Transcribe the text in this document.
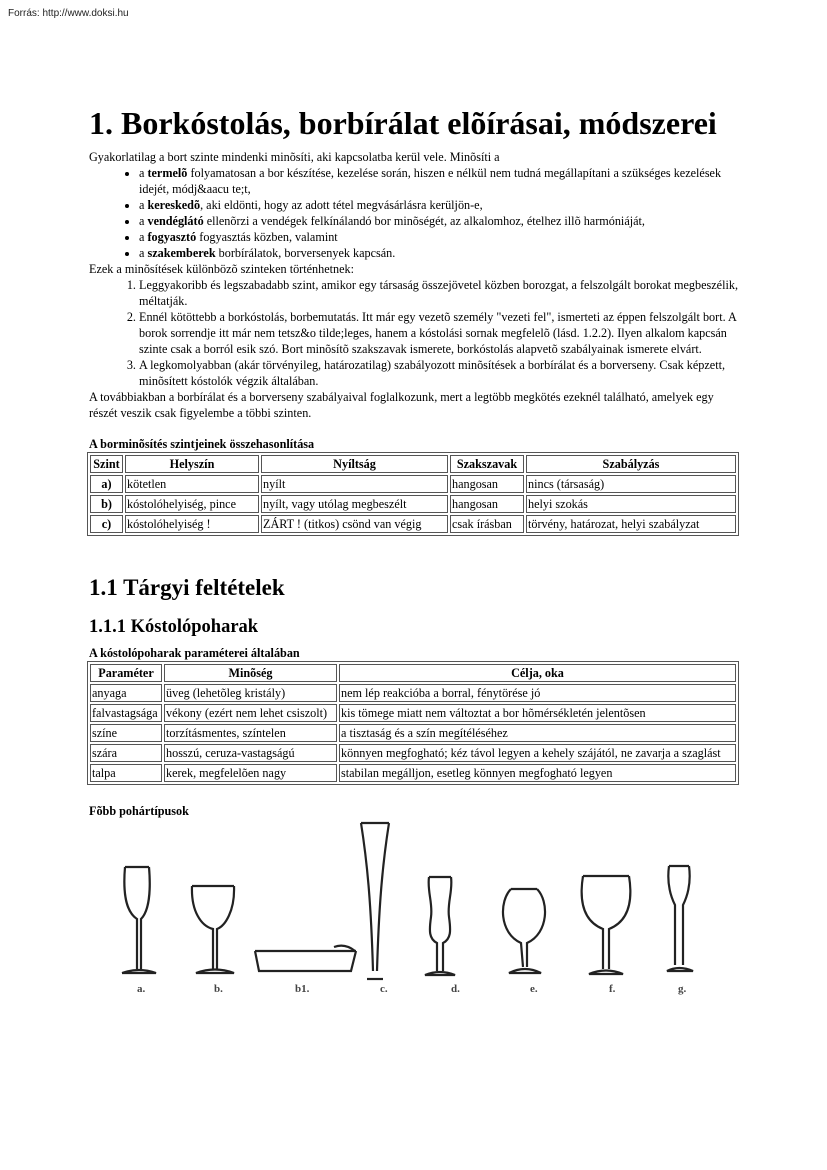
Forrás: http://www.doksi.hu
1. Borkóstolás, borbírálat elõírásai, módszerei

Gyakorlatilag a bort szinte mindenki minõsíti, aki kapcsolatba kerül vele. Minõsíti a

• a termelõ folyamatosan a bor készítése, kezelése során, hiszen e nélkül nem tudná megállapítani a szükséges kezelések idejét, módj&aacu te;t,
• a kereskedõ, aki eldönti, hogy az adott tétel megvásárlásra kerüljön-e,
• a vendéglátó ellenõrzi a vendégek felkínálandó bor minõségét, az alkalomhoz, ételhez illõ harmóniáját,
• a fogyasztó fogyasztás közben, valamint
• a szakemberek borbírálatok, borversenyek kapcsán.

Ezek a minõsítések különbözõ szinteken történhetnek:

1. Leggyakoribb és legszabadabb szint, amikor egy társaság összejövetel közben borozgat, a felszolgált borokat megbeszélik, méltatják.
2. Ennél kötöttebb a borkóstolás, borbemutatás. Itt már egy vezetõ személy "vezeti fel", ismerteti az éppen felszolgált bort. A borok sorrendje itt már nem tetsz&o tilde;leges, hanem a kóstolási sornak megfelelõ (lásd. 1.2.2). Ilyen alkalom kapcsán szinte csak a borról esik szó. Bort minõsítõ szakszavak ismerete, borkóstolás alapvetõ szabályainak ismerete elvárt.
3. A legkomolyabban (akár törvényileg, határozatilag) szabályozott minõsítések a borbírálat és a borverseny. Csak képzett, minõsített kóstolók végzik általában.

A továbbiakban a borbírálat és a borverseny szabályaival foglalkozunk, mert a legtöbb megkötés ezeknél található, amelyek egy részét veszik csak figyelembe a többi szinten.

A borminõsítés szintjeinek összehasonlítása
Szint	Helyszín	Nyíltság	Szakszavak	Szabályzás
a)	kötetlen	nyílt	hangosan	nincs (társaság)
b)	kóstolóhelyiség, pince	nyílt, vagy utólag megbeszélt	hangosan	helyi szokás
c)	kóstolóhelyiség !	ZÁRT ! (titkos) csönd van végig	csak írásban	törvény, határozat, helyi szabályzat
1.1 Tárgyi feltételek
1.1.1 Kóstolópoharak
A kóstolópoharak paraméterei általában
Paraméter	Minõség	Célja, oka
anyaga	üveg (lehetõleg kristály)	nem lép reakcióba a borral, fénytörése jó
falvastagsága	vékony (ezért nem lehet csiszolt)	kis tömege miatt nem változtat a bor hõmérsékletén jelentõsen
színe	torzításmentes, színtelen	a tisztaság és a szín megítéléséhez
szára	hosszú, ceruza-vastagságú	könnyen megfogható; kéz távol legyen a kehely szájától, ne zavarja a szaglást
talpa	kerek, megfelelõen nagy	stabilan megálljon, esetleg könnyen megfogható legyen
Fõbb pohártípusok
a.	b.	b1.	c.	d.	e.	f.	g.
